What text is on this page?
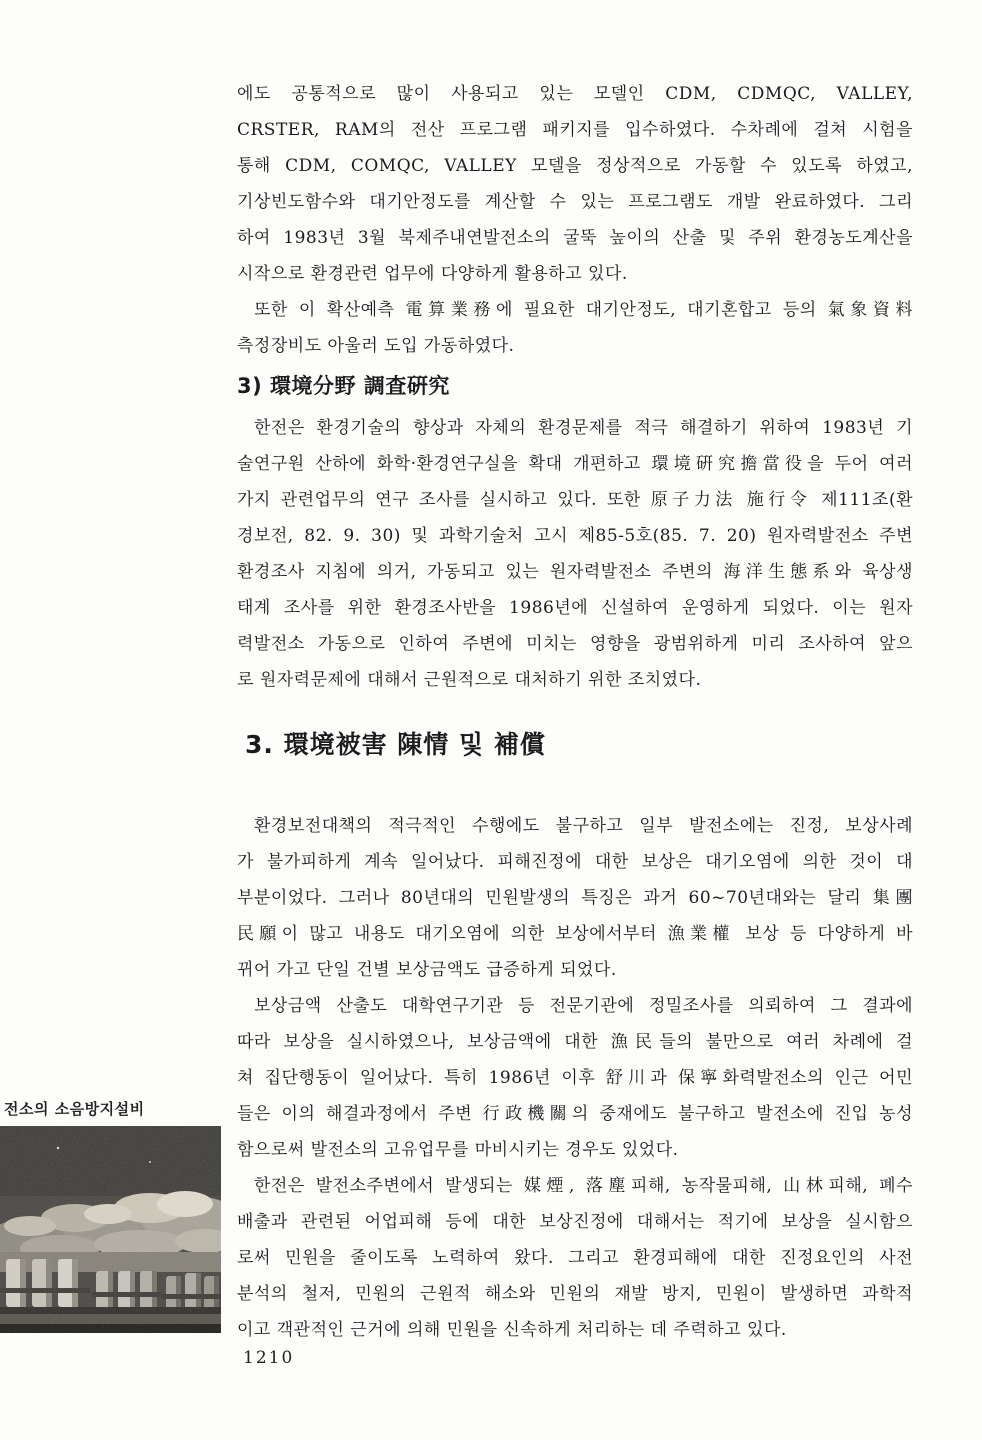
에도 공통적으로 많이 사용되고 있는 모델인 CDM, CDMQC, VALLEY,
CRSTER, RAM의 전산 프로그램 패키지를 입수하였다. 수차례에 걸쳐 시험을
통해 CDM, COMQC, VALLEY 모델을 정상적으로 가동할 수 있도록 하였고,
기상빈도함수와 대기안정도를 계산할 수 있는 프로그램도 개발 완료하였다. 그리
하여 1983년 3월 북제주내연발전소의 굴뚝 높이의 산출 및 주위 환경농도계산을
시작으로 환경관련 업무에 다양하게 활용하고 있다.
또한 이 확산예측 電算業務에 필요한 대기안정도, 대기혼합고 등의 氣象資料
측정장비도 아울러 도입 가동하였다.
3) 環境分野 調査硏究
한전은 환경기술의 향상과 자체의 환경문제를 적극 해결하기 위하여 1983년 기
술연구원 산하에 화학·환경연구실을 확대 개편하고 環境硏究擔當役을 두어 여러
가지 관련업무의 연구 조사를 실시하고 있다. 또한 原子力法 施行令 제111조(환
경보전, 82. 9. 30) 및 과학기술처 고시 제85-5호(85. 7. 20) 원자력발전소 주변
환경조사 지침에 의거, 가동되고 있는 원자력발전소 주변의 海洋生態系와 육상생
태계 조사를 위한 환경조사반을 1986년에 신설하여 운영하게 되었다. 이는 원자
력발전소 가동으로 인하여 주변에 미치는 영향을 광범위하게 미리 조사하여 앞으
로 원자력문제에 대해서 근원적으로 대처하기 위한 조치였다.
3. 環境被害 陳情 및 補償
환경보전대책의 적극적인 수행에도 불구하고 일부 발전소에는 진정, 보상사례
가 불가피하게 계속 일어났다. 피해진정에 대한 보상은 대기오염에 의한 것이 대
부분이었다. 그러나 80년대의 민원발생의 특징은 과거 60~70년대와는 달리 集團
民願이 많고 내용도 대기오염에 의한 보상에서부터 漁業權 보상 등 다양하게 바
뀌어 가고 단일 건별 보상금액도 급증하게 되었다.
보상금액 산출도 대학연구기관 등 전문기관에 정밀조사를 의뢰하여 그 결과에
따라 보상을 실시하였으나, 보상금액에 대한 漁民들의 불만으로 여러 차례에 걸
쳐 집단행동이 일어났다. 특히 1986년 이후 舒川과 保寧화력발전소의 인근 어민
들은 이의 해결과정에서 주변 行政機關의 중재에도 불구하고 발전소에 진입 농성
함으로써 발전소의 고유업무를 마비시키는 경우도 있었다.
한전은 발전소주변에서 발생되는 媒煙, 落塵피해, 농작물피해, 山林피해, 폐수
배출과 관련된 어업피해 등에 대한 보상진정에 대해서는 적기에 보상을 실시함으
로써 민원을 줄이도록 노력하여 왔다. 그리고 환경피해에 대한 진정요인의 사전
분석의 철저, 민원의 근원적 해소와 민원의 재발 방지, 민원이 발생하면 과학적
이고 객관적인 근거에 의해 민원을 신속하게 처리하는 데 주력하고 있다.
전소의 소음방지설비
1210
